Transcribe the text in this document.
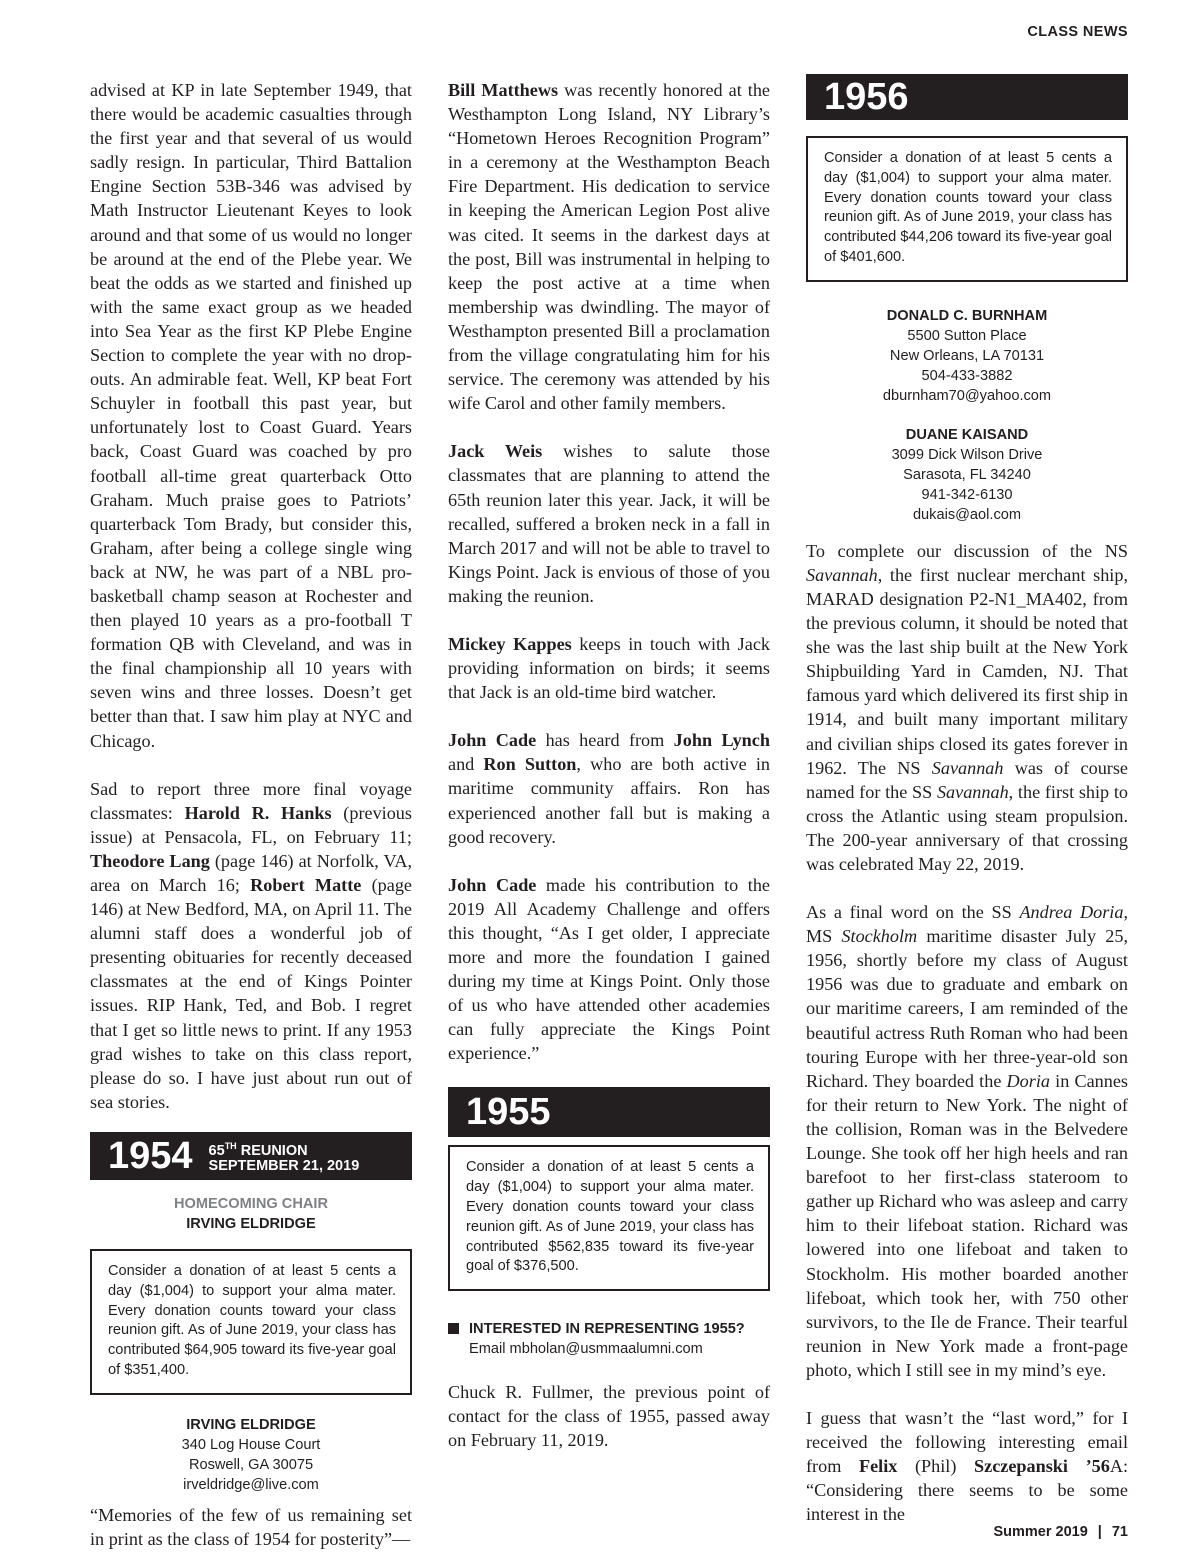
CLASS NEWS

advised at KP in late September 1949, that there would be academic casualties through the first year and that several of us would sadly resign. In particular, Third Battalion Engine Section 53B-346 was advised by Math Instructor Lieutenant Keyes to look around and that some of us would no longer be around at the end of the Plebe year. We beat the odds as we started and finished up with the same exact group as we headed into Sea Year as the first KP Plebe Engine Section to complete the year with no drop-outs. An admirable feat. Well, KP beat Fort Schuyler in football this past year, but unfortunately lost to Coast Guard. Years back, Coast Guard was coached by pro football all-time great quarterback Otto Graham. Much praise goes to Patriots’ quarterback Tom Brady, but consider this, Graham, after being a college single wing back at NW, he was part of a NBL pro-basketball champ season at Rochester and then played 10 years as a pro-football T formation QB with Cleveland, and was in the final championship all 10 years with seven wins and three losses. Doesn’t get better than that. I saw him play at NYC and Chicago.

Sad to report three more final voyage classmates: Harold R. Hanks (previous issue) at Pensacola, FL, on February 11; Theodore Lang (page 146) at Norfolk, VA, area on March 16; Robert Matte (page 146) at New Bedford, MA, on April 11. The alumni staff does a wonderful job of presenting obituaries for recently deceased classmates at the end of Kings Pointer issues. RIP Hank, Ted, and Bob. I regret that I get so little news to print. If any 1953 grad wishes to take on this class report, please do so. I have just about run out of sea stories.

1954 65TH REUNION
SEPTEMBER 21, 2019
HOMECOMING CHAIR
IRVING ELDRIDGE
Consider a donation of at least 5 cents a day ($1,004) to support your alma mater. Every donation counts toward your class reunion gift. As of June 2019, your class has contributed $64,905 toward its five-year goal of $351,400.
IRVING ELDRIDGE
340 Log House Court
Roswell, GA 30075
irveldridge@live.com

“Memories of the few of us remaining set in print as the class of 1954 for posterity”—

Bill Matthews was recently honored at the Westhampton Long Island, NY Library’s “Hometown Heroes Recognition Program” in a ceremony at the Westhampton Beach Fire Department. His dedication to service in keeping the American Legion Post alive was cited. It seems in the darkest days at the post, Bill was instrumental in helping to keep the post active at a time when membership was dwindling. The mayor of Westhampton presented Bill a proclamation from the village congratulating him for his service. The ceremony was attended by his wife Carol and other family members.

Jack Weis wishes to salute those classmates that are planning to attend the 65th reunion later this year. Jack, it will be recalled, suffered a broken neck in a fall in March 2017 and will not be able to travel to Kings Point. Jack is envious of those of you making the reunion.

Mickey Kappes keeps in touch with Jack providing information on birds; it seems that Jack is an old-time bird watcher.

John Cade has heard from John Lynch and Ron Sutton, who are both active in maritime community affairs. Ron has experienced another fall but is making a good recovery.

John Cade made his contribution to the 2019 All Academy Challenge and offers this thought, “As I get older, I appreciate more and more the foundation I gained during my time at Kings Point. Only those of us who have attended other academies can fully appreciate the Kings Point experience.”

1955
Consider a donation of at least 5 cents a day ($1,004) to support your alma mater. Every donation counts toward your class reunion gift. As of June 2019, your class has contributed $562,835 toward its five-year goal of $376,500.
INTERESTED IN REPRESENTING 1955?
Email mbholan@usmmaalumni.com

Chuck R. Fullmer, the previous point of contact for the class of 1955, passed away on February 11, 2019.

1956
Consider a donation of at least 5 cents a day ($1,004) to support your alma mater. Every donation counts toward your class reunion gift. As of June 2019, your class has contributed $44,206 toward its five-year goal of $401,600.
DONALD C. BURNHAM
5500 Sutton Place
New Orleans, LA 70131
504-433-3882
dburnham70@yahoo.com
DUANE KAISAND
3099 Dick Wilson Drive
Sarasota, FL 34240
941-342-6130
dukais@aol.com

To complete our discussion of the NS Savannah, the first nuclear merchant ship, MARAD designation P2-N1_MA402, from the previous column, it should be noted that she was the last ship built at the New York Shipbuilding Yard in Camden, NJ. That famous yard which delivered its first ship in 1914, and built many important military and civilian ships closed its gates forever in 1962. The NS Savannah was of course named for the SS Savannah, the first ship to cross the Atlantic using steam propulsion. The 200-year anniversary of that crossing was celebrated May 22, 2019.

As a final word on the SS Andrea Doria, MS Stockholm maritime disaster July 25, 1956, shortly before my class of August 1956 was due to graduate and embark on our maritime careers, I am reminded of the beautiful actress Ruth Roman who had been touring Europe with her three-year-old son Richard. They boarded the Doria in Cannes for their return to New York. The night of the collision, Roman was in the Belvedere Lounge. She took off her high heels and ran barefoot to her first-class stateroom to gather up Richard who was asleep and carry him to their lifeboat station. Richard was lowered into one lifeboat and taken to Stockholm. His mother boarded another lifeboat, which took her, with 750 other survivors, to the Ile de France. Their tearful reunion in New York made a front-page photo, which I still see in my mind’s eye.

I guess that wasn’t the “last word,” for I received the following interesting email from Felix (Phil) Szczepanski ’56A: “Considering there seems to be some interest in the

Summer 2019 | 71
